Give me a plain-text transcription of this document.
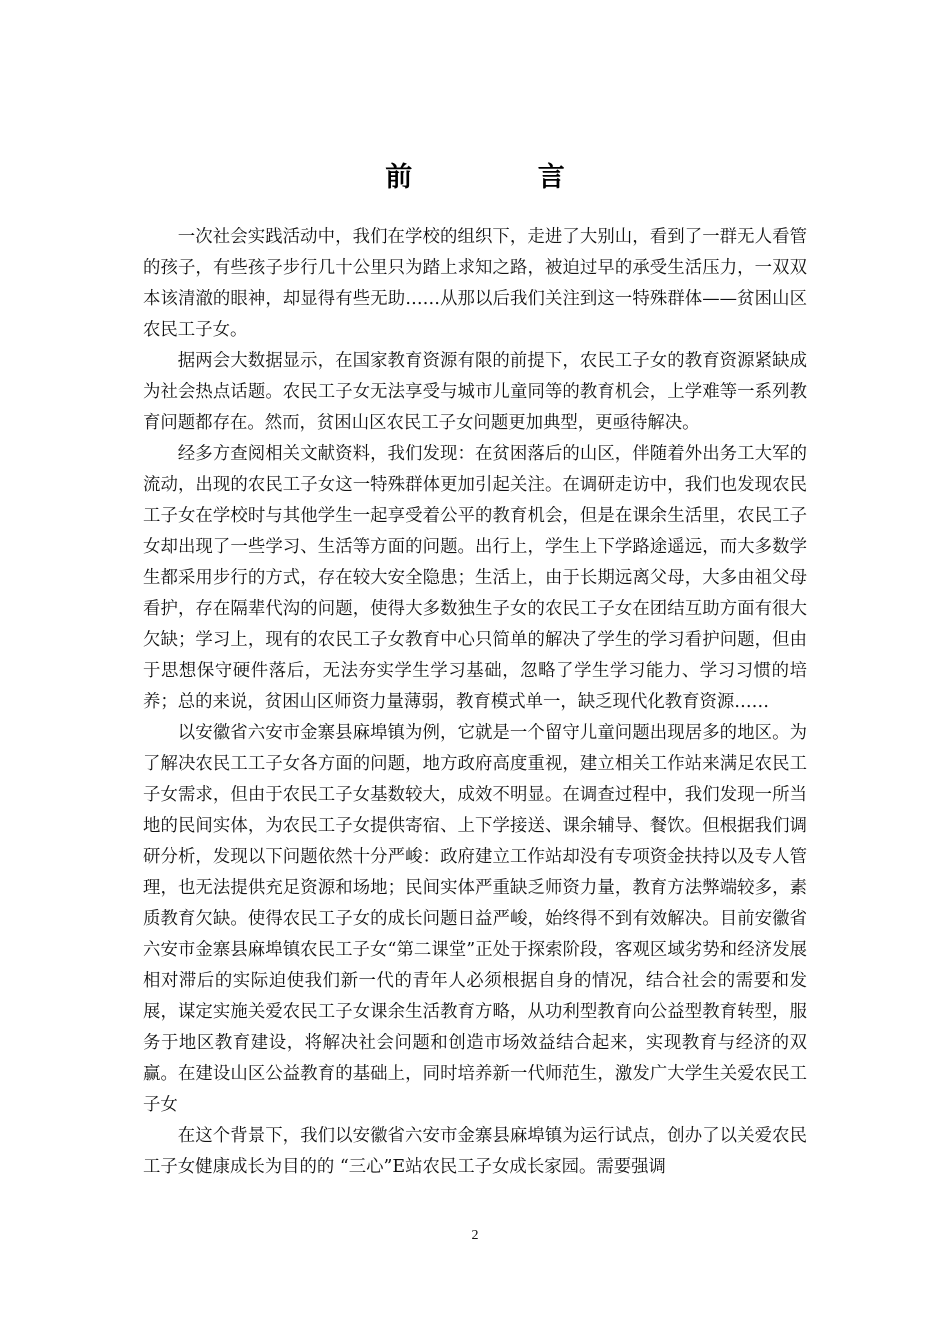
前 言

一次社会实践活动中，我们在学校的组织下，走进了大别山，看到了一群无人看管的孩子，有些孩子步行几十公里只为踏上求知之路，被迫过早的承受生活压力，一双双本该清澈的眼神，却显得有些无助……从那以后我们关注到这一特殊群体——贫困山区农民工子女。

据两会大数据显示，在国家教育资源有限的前提下，农民工子女的教育资源紧缺成为社会热点话题。农民工子女无法享受与城市儿童同等的教育机会，上学难等一系列教育问题都存在。然而，贫困山区农民工子女问题更加典型，更亟待解决。

经多方查阅相关文献资料，我们发现：在贫困落后的山区，伴随着外出务工大军的流动，出现的农民工子女这一特殊群体更加引起关注。在调研走访中，我们也发现农民工子女在学校时与其他学生一起享受着公平的教育机会，但是在课余生活里，农民工子女却出现了一些学习、生活等方面的问题。出行上，学生上下学路途遥远，而大多数学生都采用步行的方式，存在较大安全隐患；生活上，由于长期远离父母，大多由祖父母看护，存在隔辈代沟的问题，使得大多数独生子女的农民工子女在团结互助方面有很大欠缺；学习上，现有的农民工子女教育中心只简单的解决了学生的学习看护问题，但由于思想保守硬件落后，无法夯实学生学习基础，忽略了学生学习能力、学习习惯的培养；总的来说，贫困山区师资力量薄弱，教育模式单一，缺乏现代化教育资源……

以安徽省六安市金寨县麻埠镇为例，它就是一个留守儿童问题出现居多的地区。为了解决农民工工子女各方面的问题，地方政府高度重视，建立相关工作站来满足农民工子女需求，但由于农民工子女基数较大，成效不明显。在调查过程中，我们发现一所当地的民间实体，为农民工子女提供寄宿、上下学接送、课余辅导、餐饮。但根据我们调研分析，发现以下问题依然十分严峻：政府建立工作站却没有专项资金扶持以及专人管理，也无法提供充足资源和场地；民间实体严重缺乏师资力量，教育方法弊端较多，素质教育欠缺。使得农民工子女的成长问题日益严峻，始终得不到有效解决。目前安徽省六安市金寨县麻埠镇农民工子女“第二课堂”正处于探索阶段，客观区域劣势和经济发展相对滞后的实际迫使我们新一代的青年人必须根据自身的情况，结合社会的需要和发展，谋定实施关爱农民工子女课余生活教育方略，从功利型教育向公益型教育转型，服务于地区教育建设，将解决社会问题和创造市场效益结合起来，实现教育与经济的双赢。在建设山区公益教育的基础上，同时培养新一代师范生，激发广大学生关爱农民工子女

在这个背景下，我们以安徽省六安市金寨县麻埠镇为运行试点，创办了以关爱农民工子女健康成长为目的的 “三心”E站农民工子女成长家园。需要强调

2
